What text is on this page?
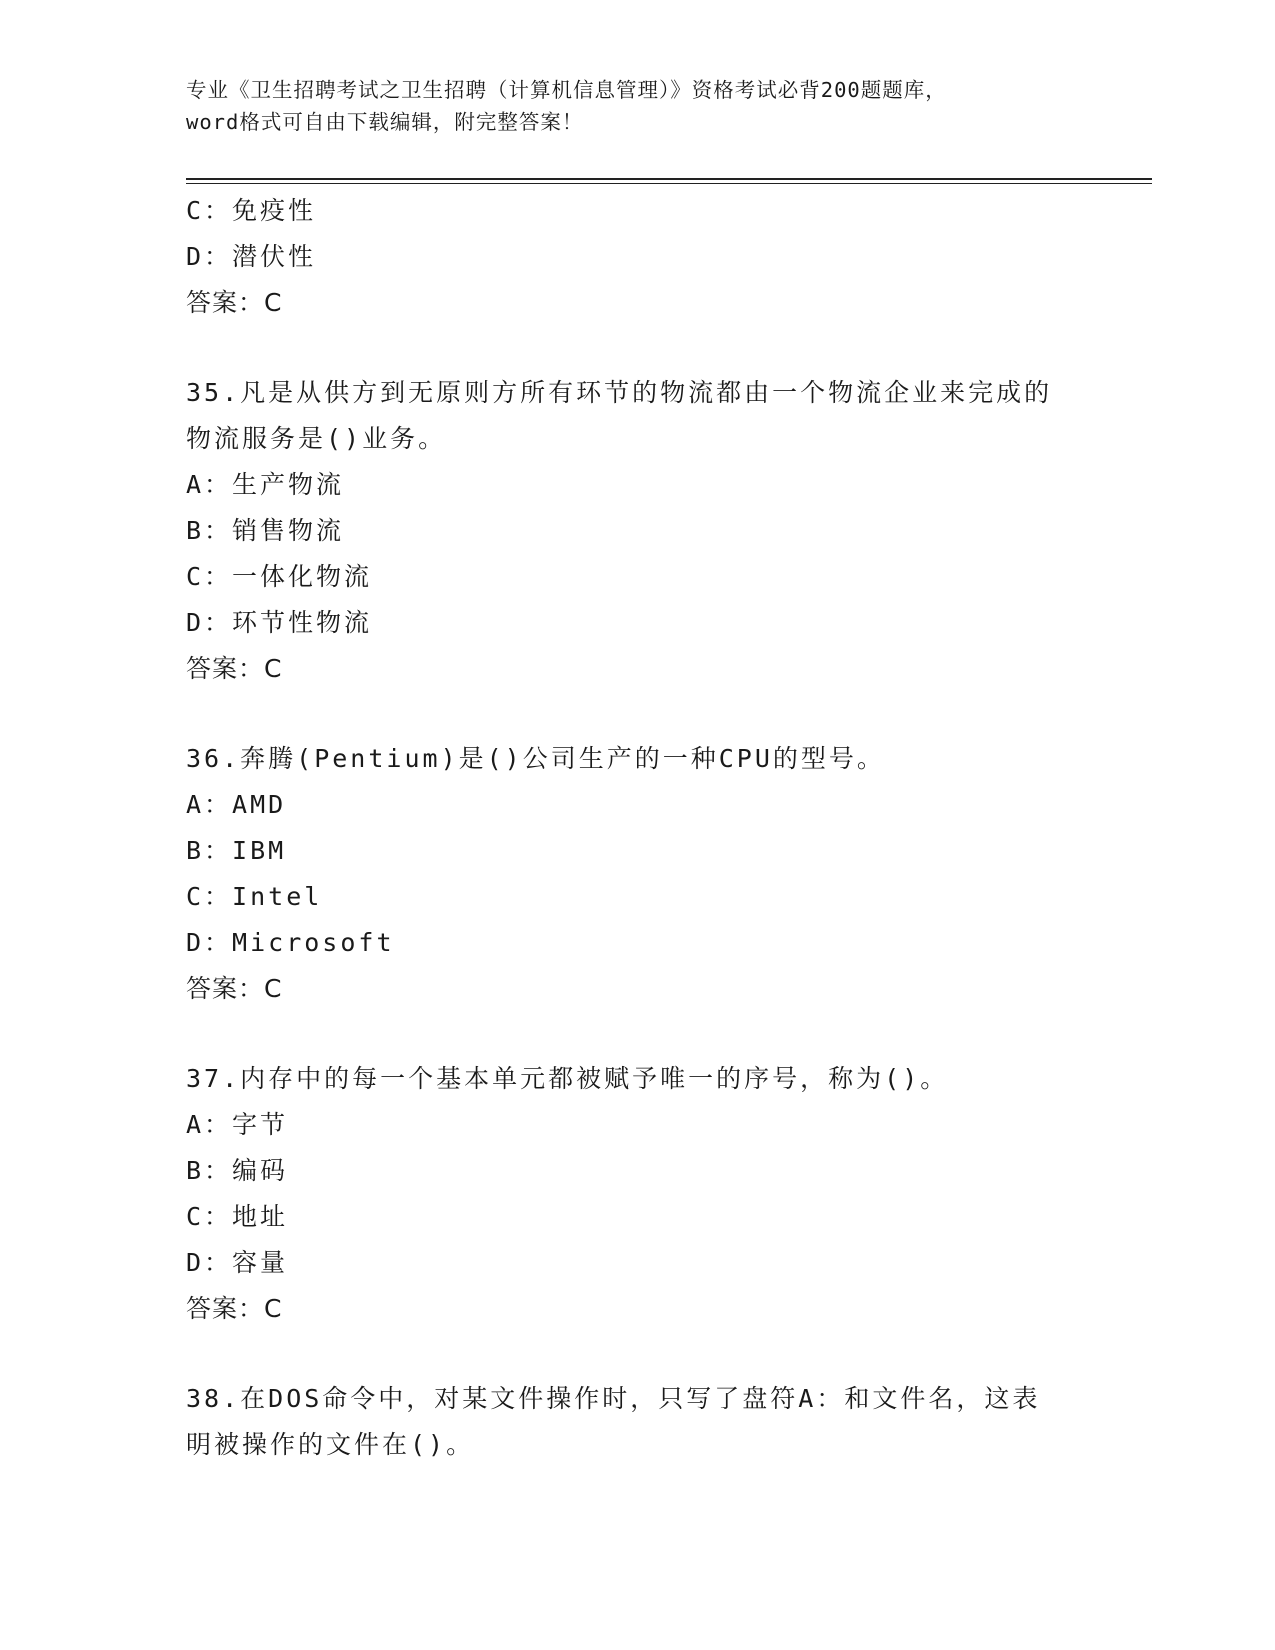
专业《卫生招聘考试之卫生招聘（计算机信息管理）》资格考试必背200题题库，
word格式可自由下载编辑，附完整答案！
C：免疫性
D：潜伏性
答案：C
35.凡是从供方到无原则方所有环节的物流都由一个物流企业来完成的
物流服务是()业务。
A：生产物流
B：销售物流
C：一体化物流
D：环节性物流
答案：C
36.奔腾(Pentium)是()公司生产的一种CPU的型号。
A：AMD
B：IBM
C：Intel
D：Microsoft
答案：C
37.内存中的每一个基本单元都被赋予唯一的序号，称为()。
A：字节
B：编码
C：地址
D：容量
答案：C
38.在DOS命令中，对某文件操作时，只写了盘符A：和文件名，这表
明被操作的文件在()。
